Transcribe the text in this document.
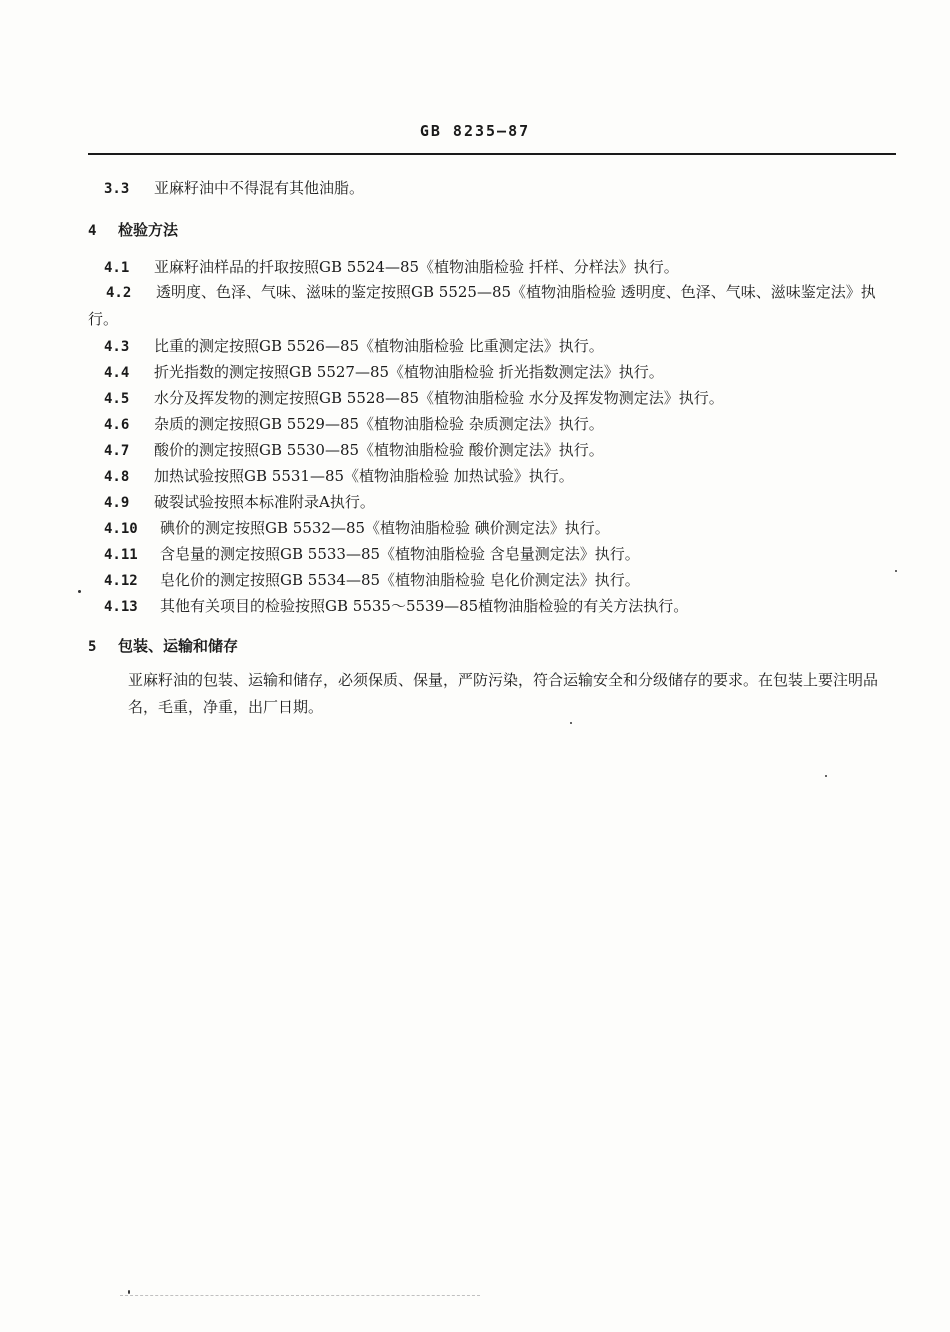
GB 8235—87
3.3 亚麻籽油中不得混有其他油脂。
4 检验方法
4.1 亚麻籽油样品的扦取按照GB 5524—85《植物油脂检验 扦样、分样法》执行。
4.2 透明度、色泽、气味、滋味的鉴定按照GB 5525—85《植物油脂检验 透明度、色泽、气味、滋味鉴定法》执行。
4.3 比重的测定按照GB 5526—85《植物油脂检验 比重测定法》执行。
4.4 折光指数的测定按照GB 5527—85《植物油脂检验 折光指数测定法》执行。
4.5 水分及挥发物的测定按照GB 5528—85《植物油脂检验 水分及挥发物测定法》执行。
4.6 杂质的测定按照GB 5529—85《植物油脂检验 杂质测定法》执行。
4.7 酸价的测定按照GB 5530—85《植物油脂检验 酸价测定法》执行。
4.8 加热试验按照GB 5531—85《植物油脂检验 加热试验》执行。
4.9 破裂试验按照本标准附录A执行。
4.10 碘价的测定按照GB 5532—85《植物油脂检验 碘价测定法》执行。
4.11 含皂量的测定按照GB 5533—85《植物油脂检验 含皂量测定法》执行。
4.12 皂化价的测定按照GB 5534—85《植物油脂检验 皂化价测定法》执行。
4.13 其他有关项目的检验按照GB 5535～5539—85植物油脂检验的有关方法执行。
5 包装、运输和储存
亚麻籽油的包装、运输和储存，必须保质、保量，严防污染，符合运输安全和分级储存的要求。在包装上要注明品名，毛重，净重，出厂日期。
